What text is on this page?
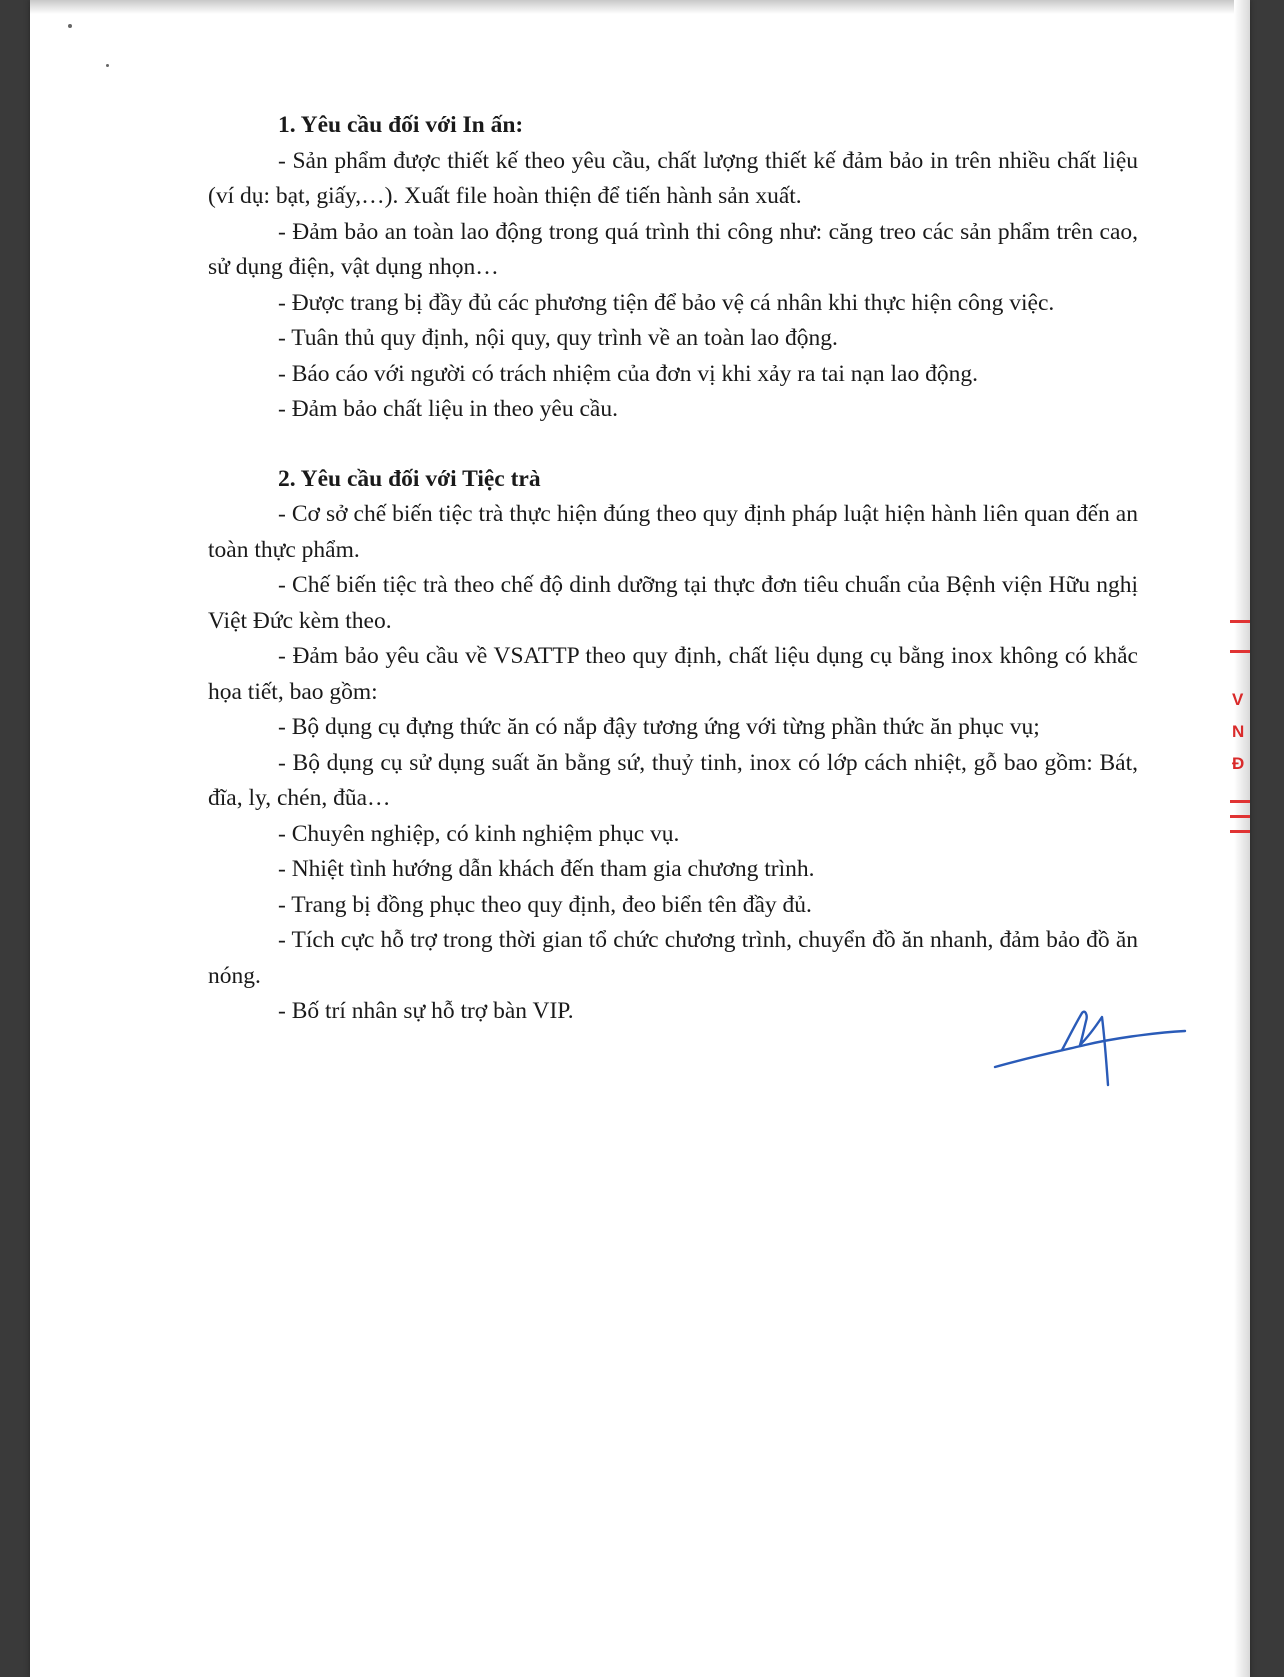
1. Yêu cầu đối với In ấn:

- Sản phẩm được thiết kế theo yêu cầu, chất lượng thiết kế đảm bảo in trên nhiều chất liệu (ví dụ: bạt, giấy,…). Xuất file hoàn thiện để tiến hành sản xuất.

- Đảm bảo an toàn lao động trong quá trình thi công như: căng treo các sản phẩm trên cao, sử dụng điện, vật dụng nhọn…

- Được trang bị đầy đủ các phương tiện để bảo vệ cá nhân khi thực hiện công việc.

- Tuân thủ quy định, nội quy, quy trình về an toàn lao động.

- Báo cáo với người có trách nhiệm của đơn vị khi xảy ra tai nạn lao động.

- Đảm bảo chất liệu in theo yêu cầu.

2. Yêu cầu đối với Tiệc trà

- Cơ sở chế biến tiệc trà thực hiện đúng theo quy định pháp luật hiện hành liên quan đến an toàn thực phẩm.

- Chế biến tiệc trà theo chế độ dinh dưỡng tại thực đơn tiêu chuẩn của Bệnh viện Hữu nghị Việt Đức kèm theo.

- Đảm bảo yêu cầu về VSATTP theo quy định, chất liệu dụng cụ bằng inox không có khắc họa tiết, bao gồm:

- Bộ dụng cụ đựng thức ăn có nắp đậy tương ứng với từng phần thức ăn phục vụ;

- Bộ dụng cụ sử dụng suất ăn bằng sứ, thuỷ tinh, inox có lớp cách nhiệt, gỗ bao gồm: Bát, đĩa, ly, chén, đũa…

- Chuyên nghiệp, có kinh nghiệm phục vụ.

- Nhiệt tình hướng dẫn khách đến tham gia chương trình.

- Trang bị đồng phục theo quy định, đeo biển tên đầy đủ.

- Tích cực hỗ trợ trong thời gian tổ chức chương trình, chuyển đồ ăn nhanh, đảm bảo đồ ăn nóng.

- Bố trí nhân sự hỗ trợ bàn VIP.

V
N
Đ
